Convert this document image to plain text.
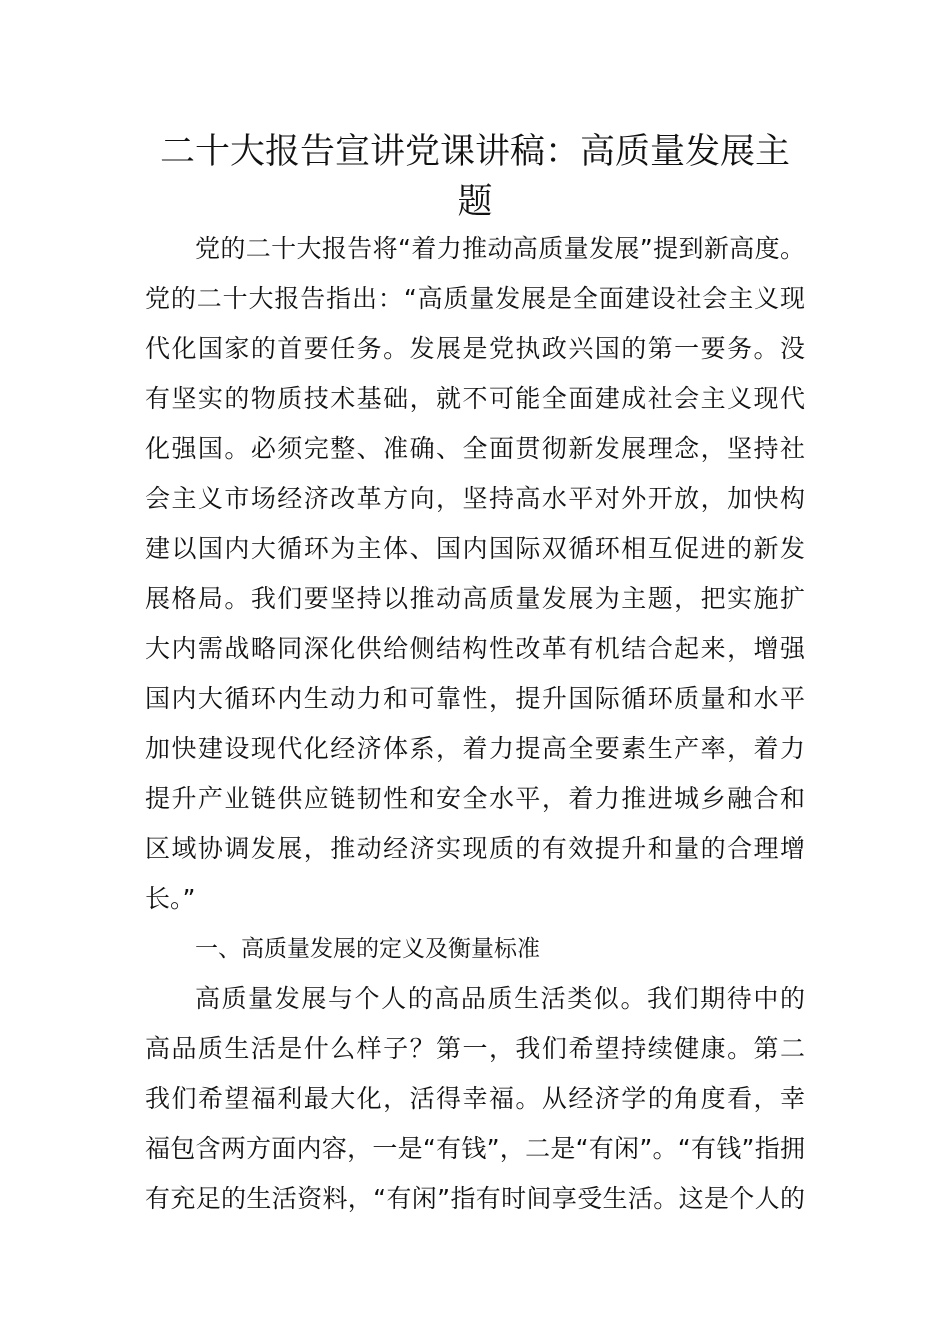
二十大报告宣讲党课讲稿：高质量发展主
题
党的二十大报告将“着力推动高质量发展”提到新高度。
党的二十大报告指出：“高质量发展是全面建设社会主义现
代化国家的首要任务。发展是党执政兴国的第一要务。没
有坚实的物质技术基础，就不可能全面建成社会主义现代
化强国。必须完整、准确、全面贯彻新发展理念，坚持社
会主义市场经济改革方向，坚持高水平对外开放，加快构
建以国内大循环为主体、国内国际双循环相互促进的新发
展格局。我们要坚持以推动高质量发展为主题，把实施扩
大内需战略同深化供给侧结构性改革有机结合起来，增强
国内大循环内生动力和可靠性，提升国际循环质量和水平
加快建设现代化经济体系，着力提高全要素生产率，着力
提升产业链供应链韧性和安全水平，着力推进城乡融合和
区域协调发展，推动经济实现质的有效提升和量的合理增
长。”
一、高质量发展的定义及衡量标准
高质量发展与个人的高品质生活类似。我们期待中的
高品质生活是什么样子？第一，我们希望持续健康。第二
我们希望福利最大化，活得幸福。从经济学的角度看，幸
福包含两方面内容，一是“有钱”，二是“有闲”。“有钱”指拥
有充足的生活资料，“有闲”指有时间享受生活。这是个人的
